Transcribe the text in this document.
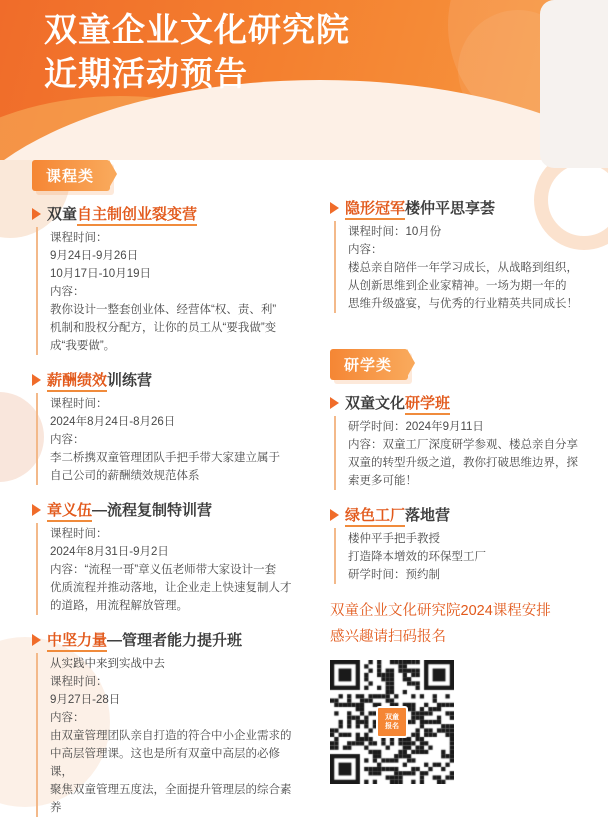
双童企业文化研究院
近期活动预告
课程类
双童自主制创业裂变营
课程时间：
9月24日-9月26日
10月17日-10月19日
内容：
教你设计一整套创业体、经营体“权、责、利”
机制和股权分配方，让你的员工从“要我做”变
成“我要做”。
薪酬绩效训练营
课程时间：
2024年8月24日-8月26日
内容：
李二桥携双童管理团队手把手带大家建立属于
自己公司的薪酬绩效规范体系
章义伍—流程复制特训营
课程时间：
2024年8月31日-9月2日
内容：“流程一哥”章义伍老师带大家设计一套
优质流程并推动落地，让企业走上快速复制人才
的道路，用流程解放管理。
中坚力量—管理者能力提升班
从实践中来到实战中去
课程时间：
9月27日-28日
内容：
由双童管理团队亲自打造的符合中小企业需求的
中高层管理课。这也是所有双童中高层的必修课，
聚焦双童管理五度法，全面提升管理层的综合素养
隐形冠军楼仲平思享荟
课程时间：10月份
内容：
楼总亲自陪伴一年学习成长，从战略到组织，
从创新思维到企业家精神。一场为期一年的
思维升级盛宴，与优秀的行业精英共同成长！
研学类
双童文化研学班
研学时间：2024年9月11日
内容：双童工厂深度研学参观、楼总亲自分享
双童的转型升级之道，教你打破思维边界，探
索更多可能！
绿色工厂落地营
楼仲平手把手教授
打造降本增效的环保型工厂
研学时间：预约制
双童企业文化研究院2024课程安排
感兴趣请扫码报名
双童
报名
